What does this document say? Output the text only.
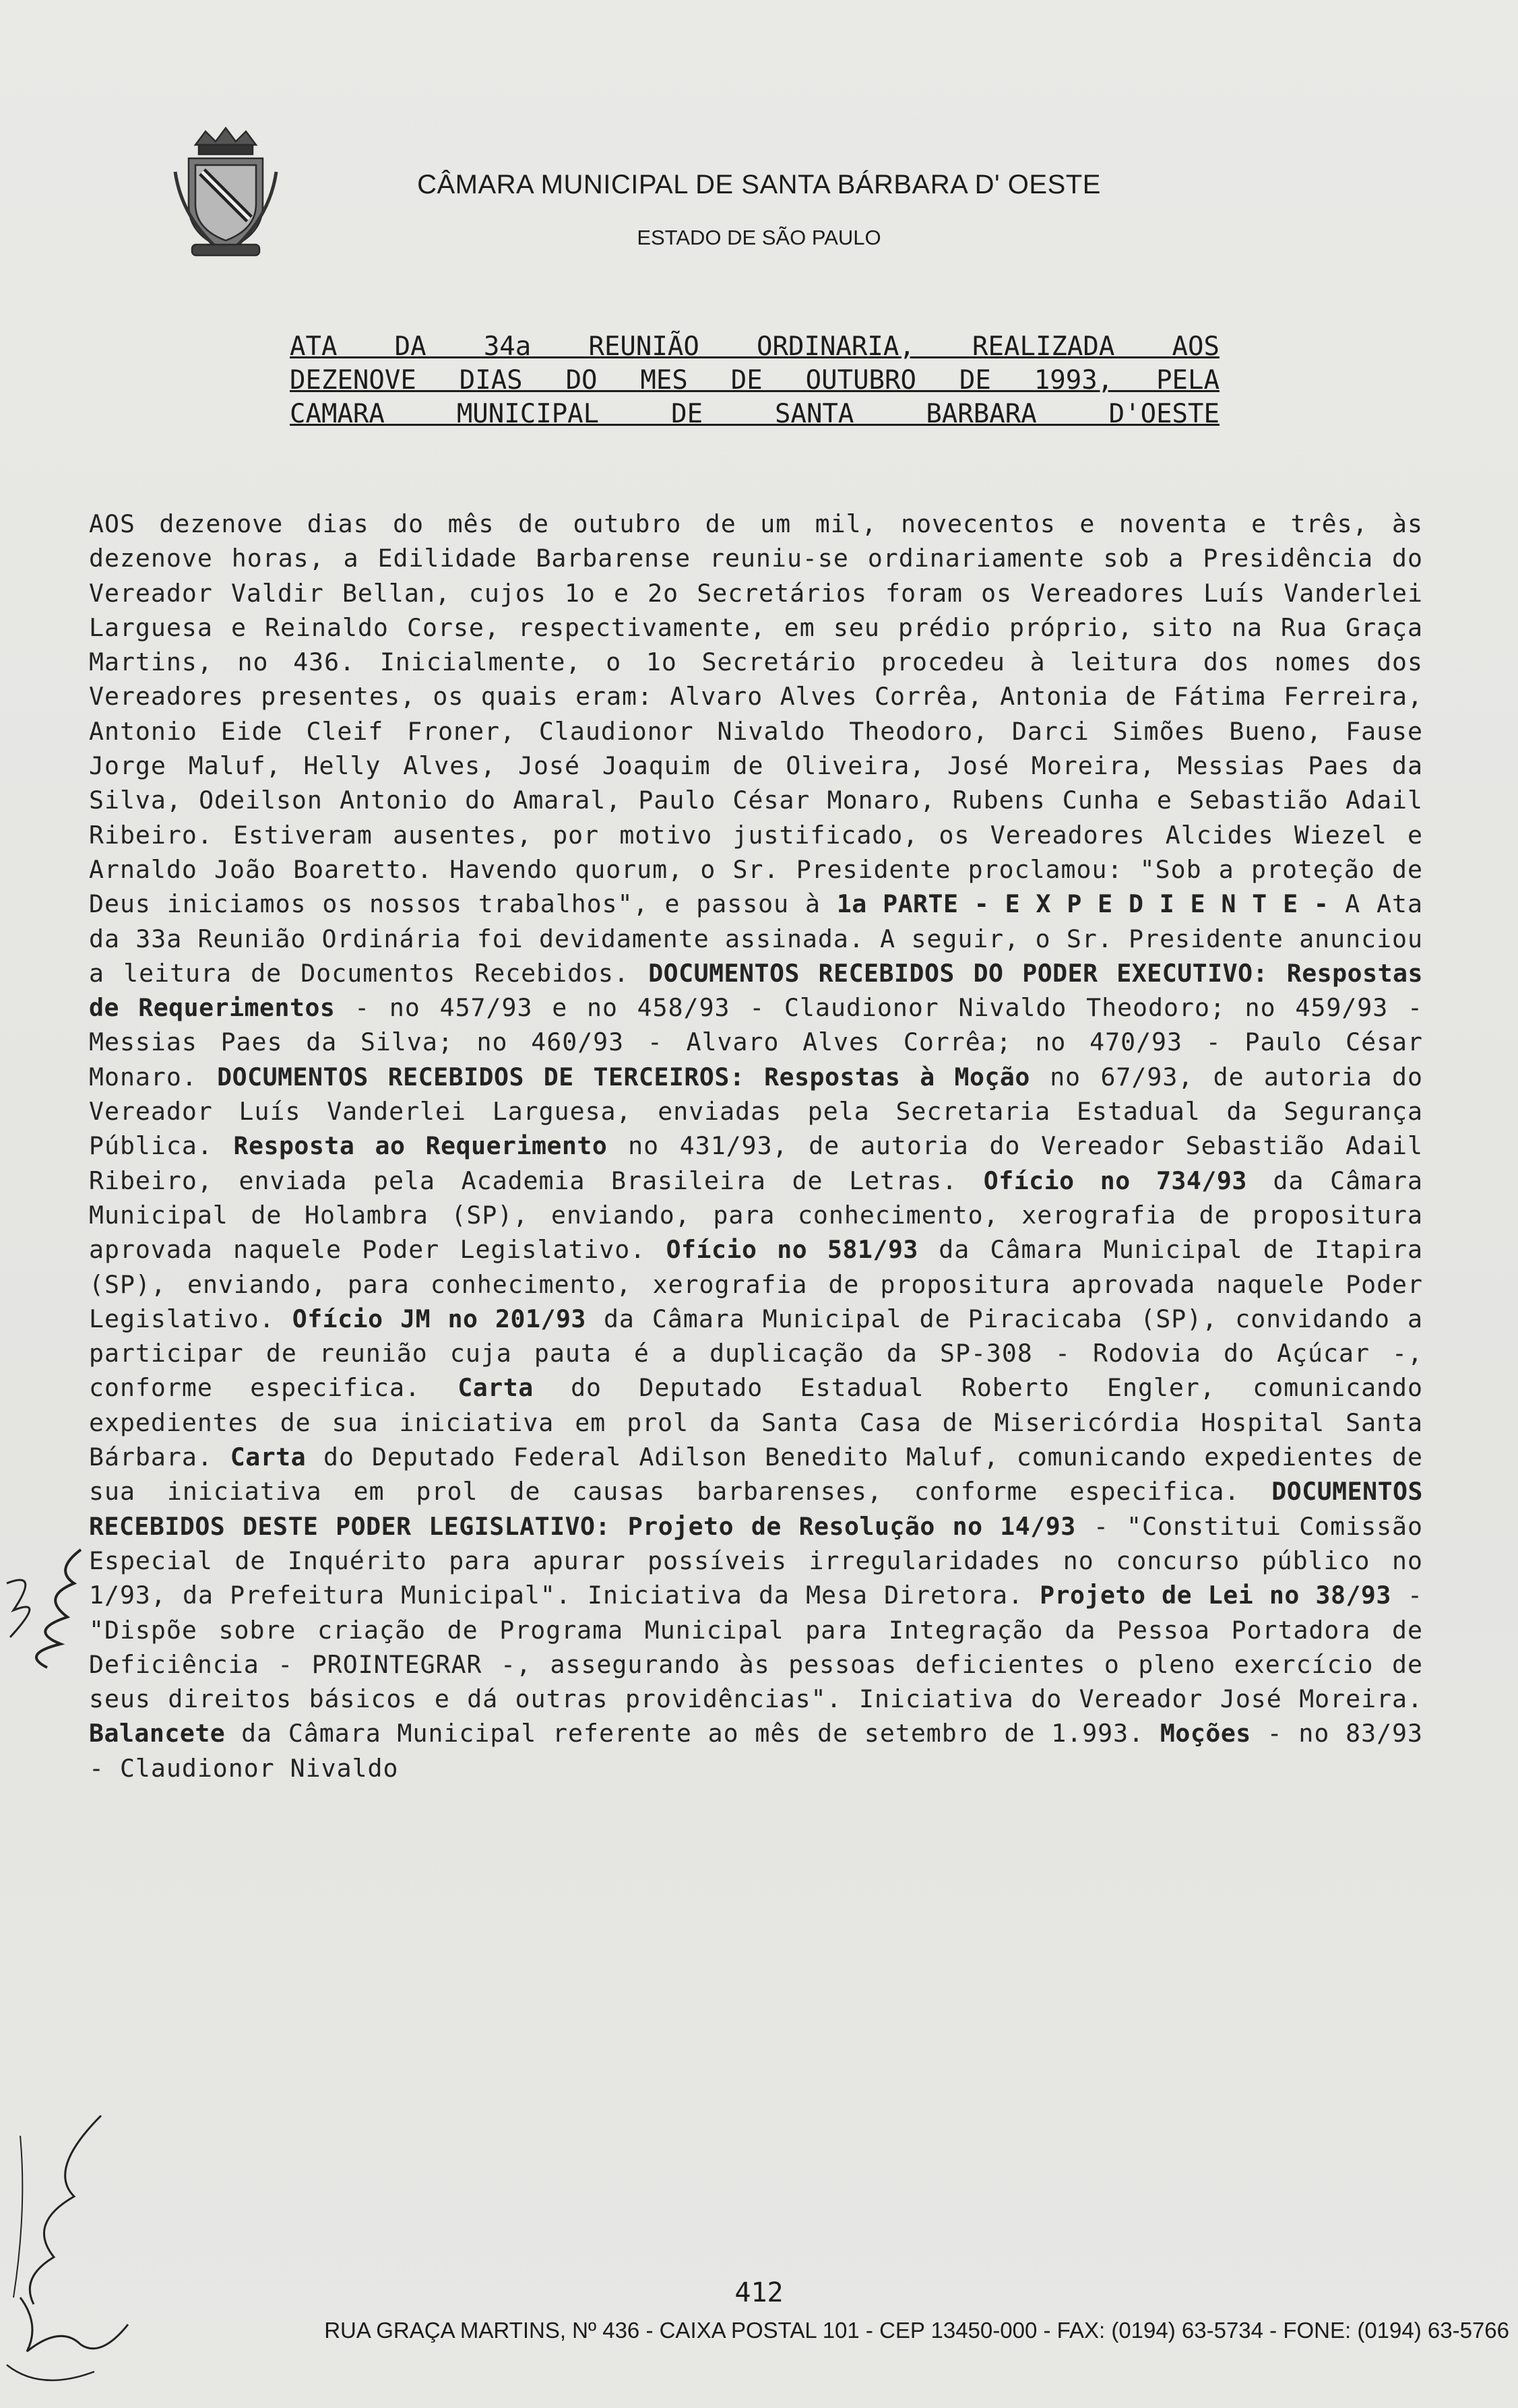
CÂMARA MUNICIPAL DE SANTA BÁRBARA D' OESTE
ESTADO DE SÃO PAULO
ATA DA 34a REUNIÃO ORDINARIA, REALIZADA AOS
DEZENOVE DIAS DO MES DE OUTUBRO DE 1993, PELA
CAMARA MUNICIPAL DE SANTA BARBARA D'OESTE
AOS dezenove dias do mês de outubro de um mil, novecentos e noventa e três, às dezenove horas, a Edilidade Barbarense reuniu-se ordinariamente sob a Presidência do Vereador Valdir Bellan, cujos 1o e 2o Secretários foram os Vereadores Luís Vanderlei Larguesa e Reinaldo Corse, respectivamente, em seu prédio próprio, sito na Rua Graça Martins, no 436. Inicialmente, o 1o Secretário procedeu à leitura dos nomes dos Vereadores presentes, os quais eram: Alvaro Alves Corrêa, Antonia de Fátima Ferreira, Antonio Eide Cleif Froner, Claudionor Nivaldo Theodoro, Darci Simões Bueno, Fause Jorge Maluf, Helly Alves, José Joaquim de Oliveira, José Moreira, Messias Paes da Silva, Odeilson Antonio do Amaral, Paulo César Monaro, Rubens Cunha e Sebastião Adail Ribeiro. Estiveram ausentes, por motivo justificado, os Vereadores Alcides Wiezel e Arnaldo João Boaretto. Havendo quorum, o Sr. Presidente proclamou: "Sob a proteção de Deus iniciamos os nossos trabalhos", e passou à 1a PARTE - E X P E D I E N T E - A Ata da 33a Reunião Ordinária foi devidamente assinada. A seguir, o Sr. Presidente anunciou a leitura de Documentos Recebidos. DOCUMENTOS RECEBIDOS DO PODER EXECUTIVO: Respostas de Requerimentos - no 457/93 e no 458/93 - Claudionor Nivaldo Theodoro; no 459/93 - Messias Paes da Silva; no 460/93 - Alvaro Alves Corrêa; no 470/93 - Paulo César Monaro. DOCUMENTOS RECEBIDOS DE TERCEIROS: Respostas à Moção no 67/93, de autoria do Vereador Luís Vanderlei Larguesa, enviadas pela Secretaria Estadual da Segurança Pública. Resposta ao Requerimento no 431/93, de autoria do Vereador Sebastião Adail Ribeiro, enviada pela Academia Brasileira de Letras. Ofício no 734/93 da Câmara Municipal de Holambra (SP), enviando, para conhecimento, xerografia de propositura aprovada naquele Poder Legislativo. Ofício no 581/93 da Câmara Municipal de Itapira (SP), enviando, para conhecimento, xerografia de propositura aprovada naquele Poder Legislativo. Ofício JM no 201/93 da Câmara Municipal de Piracicaba (SP), convidando a participar de reunião cuja pauta é a duplicação da SP-308 - Rodovia do Açúcar -, conforme especifica. Carta do Deputado Estadual Roberto Engler, comunicando expedientes de sua iniciativa em prol da Santa Casa de Misericórdia Hospital Santa Bárbara. Carta do Deputado Federal Adilson Benedito Maluf, comunicando expedientes de sua iniciativa em prol de causas barbarenses, conforme especifica. DOCUMENTOS RECEBIDOS DESTE PODER LEGISLATIVO: Projeto de Resolução no 14/93 - "Constitui Comissão Especial de Inquérito para apurar possíveis irregularidades no concurso público no 1/93, da Prefeitura Municipal". Iniciativa da Mesa Diretora. Projeto de Lei no 38/93 - "Dispõe sobre criação de Programa Municipal para Integração da Pessoa Portadora de Deficiência - PROINTEGRAR -, assegurando às pessoas deficientes o pleno exercício de seus direitos básicos e dá outras providências". Iniciativa do Vereador José Moreira. Balancete da Câmara Municipal referente ao mês de setembro de 1.993. Moções - no 83/93 - Claudionor Nivaldo
412
RUA GRAÇA MARTINS, Nº 436 - CAIXA POSTAL 101 - CEP 13450-000 - FAX: (0194) 63-5734 - FONE: (0194) 63-5766
